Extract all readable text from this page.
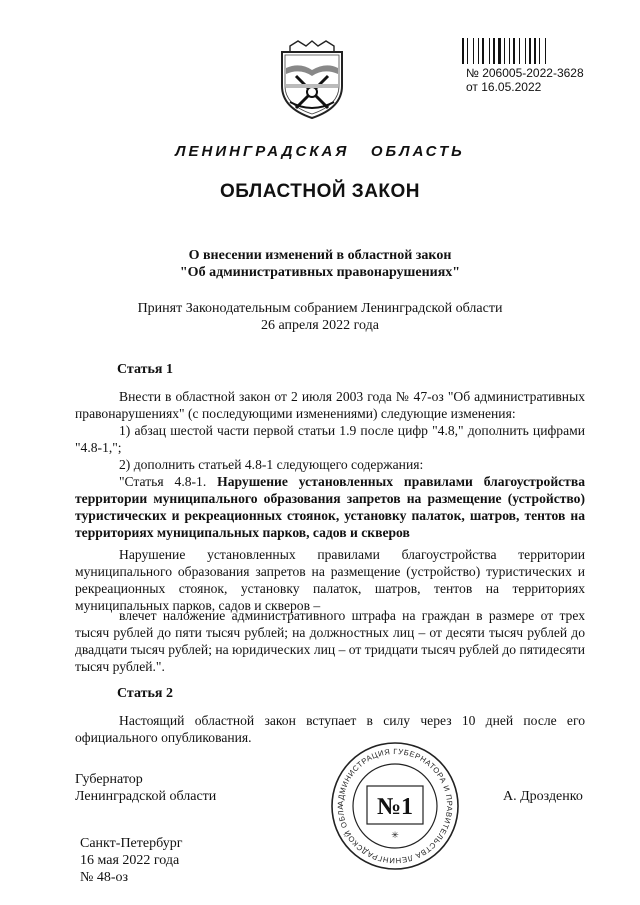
№ 206005-2022-3628
от 16.05.2022
ЛЕНИНГРАДСКАЯ   ОБЛАСТЬ
ОБЛАСТНОЙ ЗАКОН
О внесении изменений в областной закон
"Об административных правонарушениях"
Принят Законодательным собранием Ленинградской области
26 апреля 2022 года
Статья 1
Внести в областной закон от 2 июля 2003 года № 47-оз "Об административных правонарушениях" (с последующими изменениями) следующие изменения:
1) абзац шестой части первой статьи 1.9 после цифр "4.8," дополнить цифрами "4.8-1,";
2) дополнить статьей 4.8-1 следующего содержания:
"Статья 4.8-1. Нарушение установленных правилами благоустройства территории муниципального образования запретов на размещение (устройство) туристических и рекреационных стоянок, установку палаток, шатров, тентов на территориях муниципальных парков, садов и скверов
Нарушение установленных правилами благоустройства территории муниципального образования запретов на размещение (устройство) туристических и рекреационных стоянок, установку палаток, шатров, тентов на территориях муниципальных парков, садов и скверов –
влечет наложение административного штрафа на граждан в размере от трех тысяч рублей до пяти тысяч рублей; на должностных лиц – от десяти тысяч рублей до двадцати тысяч рублей; на юридических лиц – от тридцати тысяч рублей до пятидесяти тысяч рублей.".
Статья 2
Настоящий областной закон вступает в силу через 10 дней после его официального опубликования.
Губернатор
Ленинградской области	А. Дрозденко
АДМИНИСТРАЦИЯ ГУБЕРНАТОРА И ПРАВИТЕЛЬСТВА ЛЕНИНГРАДСКОЙ ОБЛА	№1
✳
Санкт-Петербург
16 мая 2022 года
№ 48-оз
